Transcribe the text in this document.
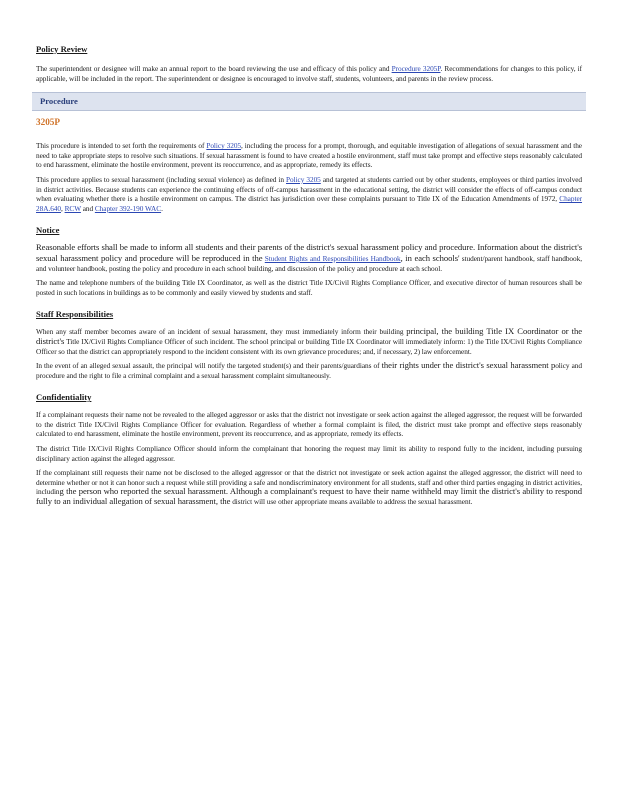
Policy Review

The superintendent or designee will make an annual report to the board reviewing the use and efficacy of this policy and Procedure 3205P. Recommendations for changes to this policy, if applicable, will be included in the report. The superintendent or designee is encouraged to involve staff, students, volunteers, and parents in the review process.

Procedure
3205P

This procedure is intended to set forth the requirements of Policy 3205, including the process for a prompt, thorough, and equitable investigation of allegations of sexual harassment and the need to take appropriate steps to resolve such situations. If sexual harassment is found to have created a hostile environment, staff must take prompt and effective steps reasonably calculated to end harassment, eliminate the hostile environment, prevent its reoccurrence, and as appropriate, remedy its effects.

This procedure applies to sexual harassment (including sexual violence) as defined in Policy 3205 and targeted at students carried out by other students, employees or third parties involved in district activities. Because students can experience the continuing effects of off-campus harassment in the educational setting, the district will consider the effects of off-campus conduct when evaluating whether there is a hostile environment on campus. The district has jurisdiction over these complaints pursuant to Title IX of the Education Amendments of 1972, Chapter 28A.640, RCW and Chapter 392-190 WAC.

Notice

Reasonable efforts shall be made to inform all students and their parents of the district's sexual harassment policy and procedure. Information about the district's sexual harassment policy and procedure will be reproduced in the Student Rights and Responsibilities Handbook, in each schools' student/parent handbook, staff handbook, and volunteer handbook, posting the policy and procedure in each school building, and discussion of the policy and procedure at each school.

The name and telephone numbers of the building Title IX Coordinator, as well as the district Title IX/Civil Rights Compliance Officer, and executive director of human resources shall be posted in such locations in buildings as to be commonly and easily viewed by students and staff.

Staff Responsibilities

When any staff member becomes aware of an incident of sexual harassment, they must immediately inform their building principal, the building Title IX Coordinator or the district's Title IX/Civil Rights Compliance Officer of such incident. The school principal or building Title IX Coordinator will immediately inform: 1) the Title IX/Civil Rights Compliance Officer so that the district can appropriately respond to the incident consistent with its own grievance procedures; and, if necessary, 2) law enforcement.

In the event of an alleged sexual assault, the principal will notify the targeted student(s) and their parents/guardians of their rights under the district's sexual harassment policy and procedure and the right to file a criminal complaint and a sexual harassment complaint simultaneously.

Confidentiality

If a complainant requests their name not be revealed to the alleged aggressor or asks that the district not investigate or seek action against the alleged aggressor, the request will be forwarded to the district Title IX/Civil Rights Compliance Officer for evaluation. Regardless of whether a formal complaint is filed, the district must take prompt and effective steps reasonably calculated to end harassment, eliminate the hostile environment, prevent its reoccurrence, and as appropriate, remedy its effects.

The district Title IX/Civil Rights Compliance Officer should inform the complainant that honoring the request may limit its ability to respond fully to the incident, including pursuing disciplinary action against the alleged aggressor.

If the complainant still requests their name not be disclosed to the alleged aggressor or that the district not investigate or seek action against the alleged aggressor, the district will need to determine whether or not it can honor such a request while still providing a safe and nondiscriminatory environment for all students, staff and other third parties engaging in district activities, including the person who reported the sexual harassment. Although a complainant's request to have their name withheld may limit the district's ability to respond fully to an individual allegation of sexual harassment, the district will use other appropriate means available to address the sexual harassment.
